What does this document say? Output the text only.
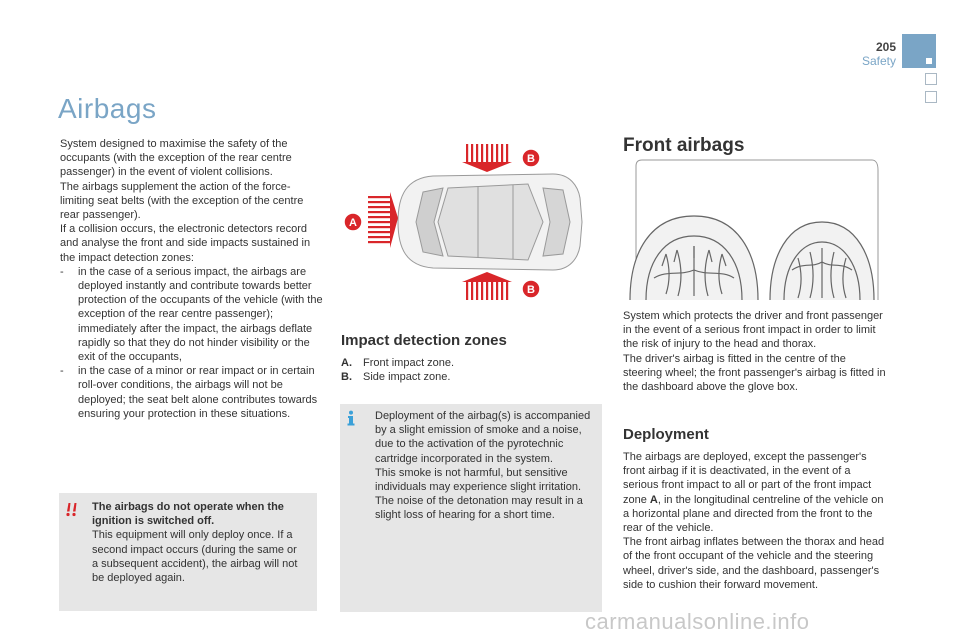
205
Safety
Airbags
System designed to maximise the safety of the occupants (with the exception of the rear centre passenger) in the event of violent collisions.
The airbags supplement the action of the force-limiting seat belts (with the exception of the centre rear passenger).
If a collision occurs, the electronic detectors record and analyse the front and side impacts sustained in the impact detection zones:
- in the case of a serious impact, the airbags are deployed instantly and contribute towards better protection of the occupants of the vehicle (with the exception of the rear centre passenger); immediately after the impact, the airbags deflate rapidly so that they do not hinder visibility or the exit of the occupants,
- in the case of a minor or rear impact or in certain roll-over conditions, the airbags will not be deployed; the seat belt alone contributes towards ensuring your protection in these situations.
The airbags do not operate when the ignition is switched off.
This equipment will only deploy once. If a second impact occurs (during the same or a subsequent accident), the airbag will not be deployed again.
A
B
B
Impact detection zones
A.	Front impact zone.
B.	Side impact zone.
Deployment of the airbag(s) is accompanied by a slight emission of smoke and a noise, due to the activation of the pyrotechnic cartridge incorporated in the system.
This smoke is not harmful, but sensitive individuals may experience slight irritation.
The noise of the detonation may result in a slight loss of hearing for a short time.
Front airbags
System which protects the driver and front passenger in the event of a serious front impact in order to limit the risk of injury to the head and thorax.
The driver's airbag is fitted in the centre of the steering wheel; the front passenger's airbag is fitted in the dashboard above the glove box.
Deployment
The airbags are deployed, except the passenger's front airbag if it is deactivated, in the event of a serious front impact to all or part of the front impact zone A, in the longitudinal centreline of the vehicle on a horizontal plane and directed from the front to the rear of the vehicle.
The front airbag inflates between the thorax and head of the front occupant of the vehicle and the steering wheel, driver's side, and the dashboard, passenger's side to cushion their forward movement.
carmanualsonline.info
